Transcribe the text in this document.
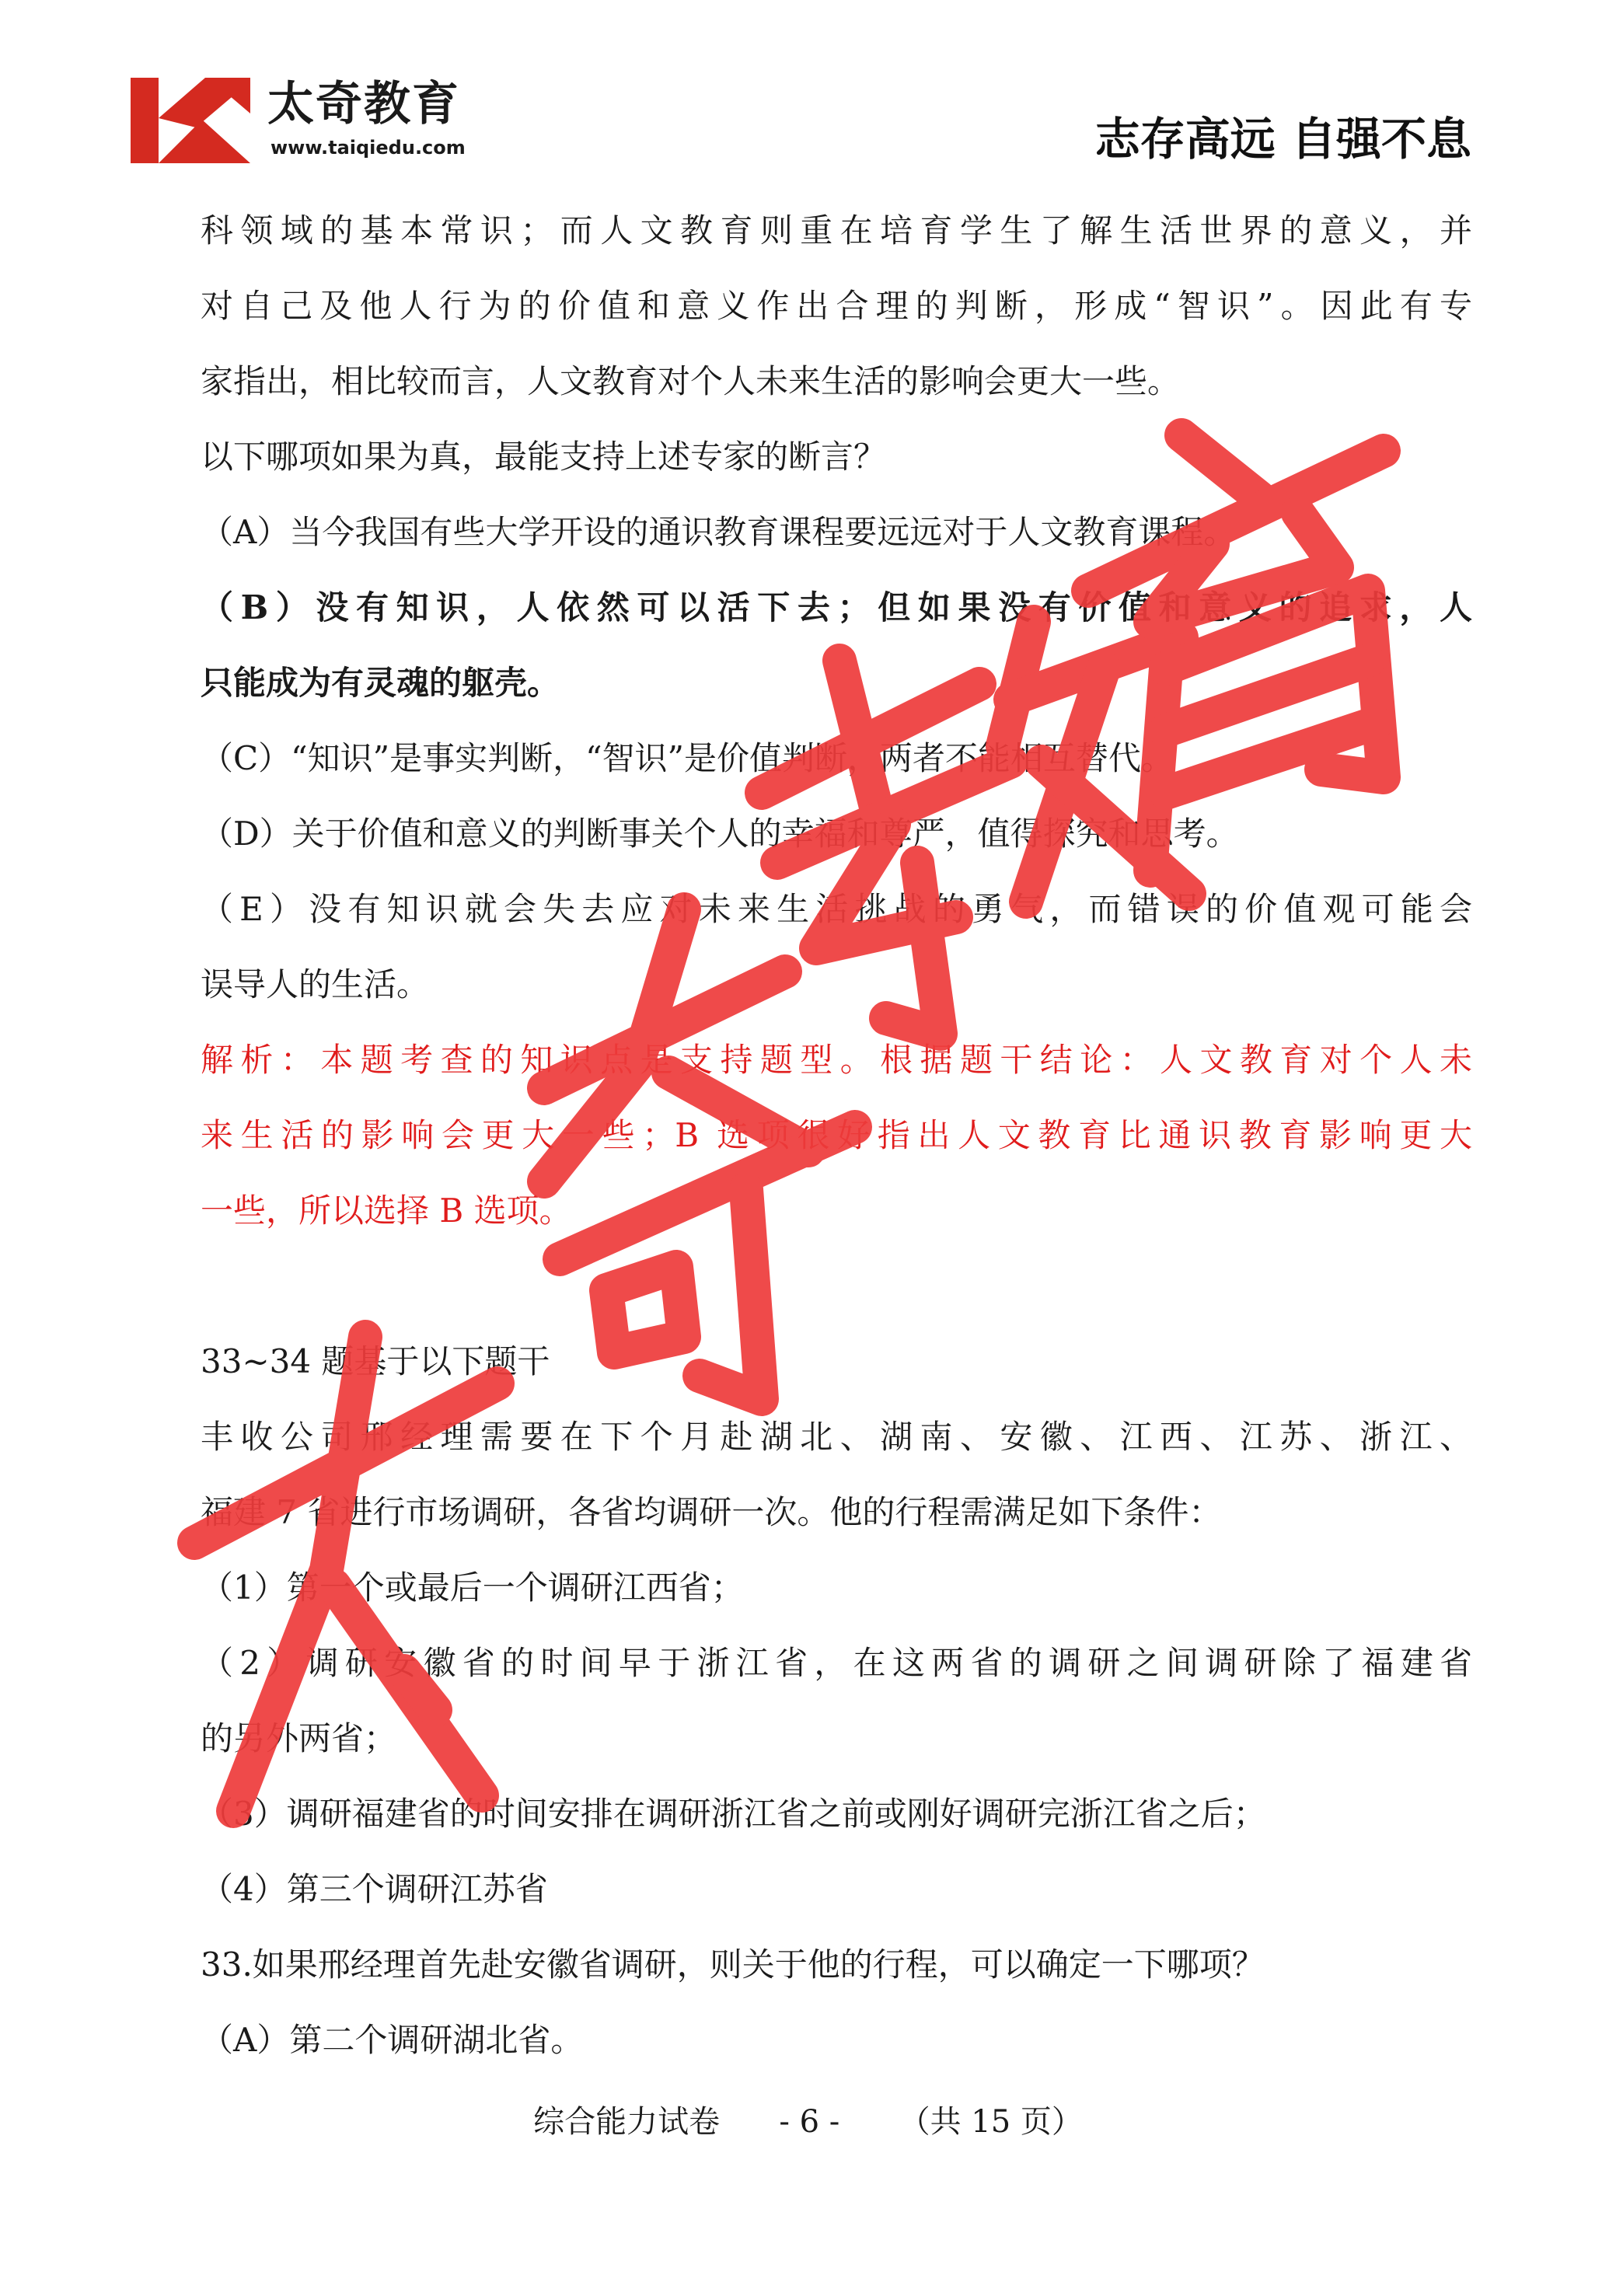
太奇教育
www.taiqiedu.com	志存高远 自强不息
科领域的基本常识；而人文教育则重在培育学生了解生活世界的意义，并
对自己及他人行为的价值和意义作出合理的判断，形成“智识”。因此有专
家指出，相比较而言，人文教育对个人未来生活的影响会更大一些。
以下哪项如果为真，最能支持上述专家的断言？
（A）当今我国有些大学开设的通识教育课程要远远对于人文教育课程。
（B）没有知识，人依然可以活下去；但如果没有价值和意义的追求，人
只能成为有灵魂的躯壳。
（C）“知识”是事实判断，“智识”是价值判断，两者不能相互替代。
（D）关于价值和意义的判断事关个人的幸福和尊严，值得探究和思考。
（E）没有知识就会失去应对未来生活挑战的勇气，而错误的价值观可能会
误导人的生活。
解析：本题考查的知识点是支持题型。根据题干结论：人文教育对个人未
来生活的影响会更大一些；B 选项很好指出人文教育比通识教育影响更大
一些，所以选择 B 选项。
33~34 题基于以下题干
丰收公司邢经理需要在下个月赴湖北、湖南、安徽、江西、江苏、浙江、
福建 7 省进行市场调研，各省均调研一次。他的行程需满足如下条件：
（1）第一个或最后一个调研江西省；
（2）调研安徽省的时间早于浙江省，在这两省的调研之间调研除了福建省
的另外两省；
（3）调研福建省的时间安排在调研浙江省之前或刚好调研完浙江省之后；
（4）第三个调研江苏省
33.如果邢经理首先赴安徽省调研，则关于他的行程，可以确定一下哪项？
（A）第二个调研湖北省。
综合能力试卷      - 6 -      （共 15 页）
